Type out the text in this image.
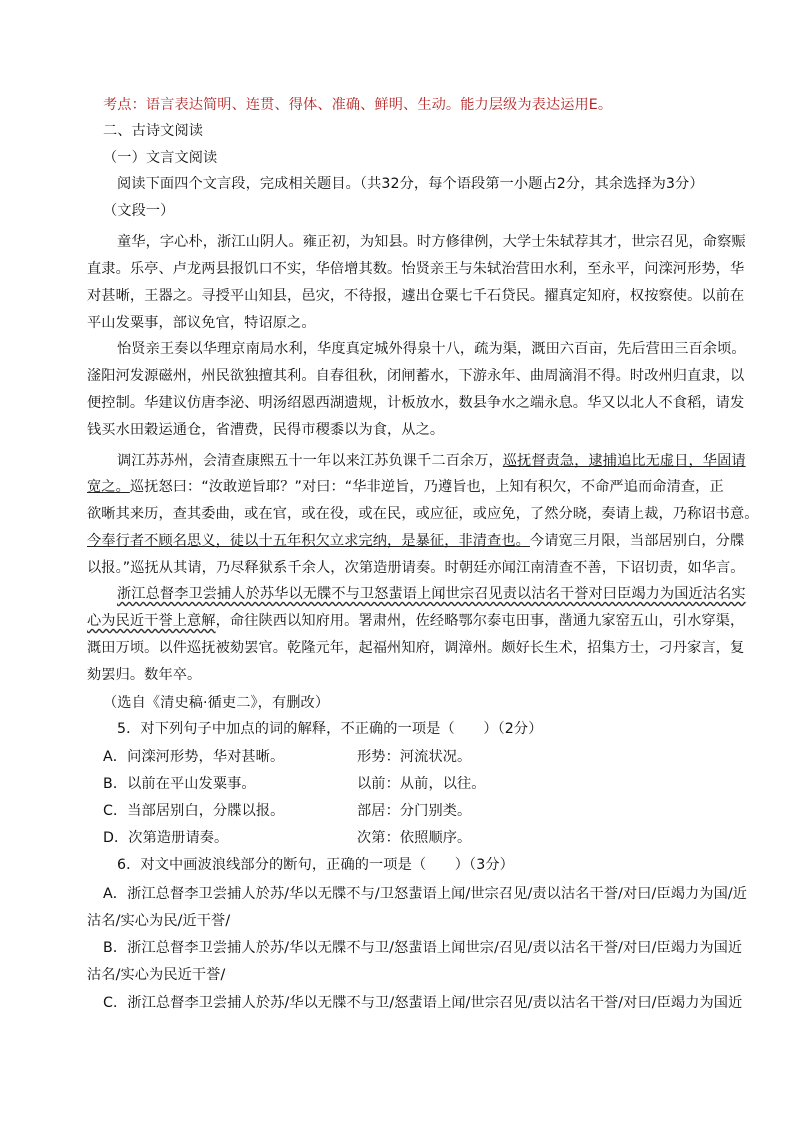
考点：语言表达简明、连贯、得体、准确、鲜明、生动。能力层级为表达运用E。
二、古诗文阅读
（一）文言文阅读
阅读下面四个文言段，完成相关题目。（共32分，每个语段第一小题占2分，其余选择为3分）
（文段一）
童华，字心朴，浙江山阴人。雍正初，为知县。时方修律例，大学士朱轼荐其才，世宗召见，命察赈
直隶。乐亭、卢龙两县报饥口不实，华倍增其数。怡贤亲王与朱轼治营田水利，至永平，问滦河形势，华
对甚晰，王器之。寻授平山知县，邑灾，不待报，遽出仓粟七千石贷民。擢真定知府，权按察使。以前在
平山发粟事，部议免官，特诏原之。
怡贤亲王奏以华理京南局水利，华度真定城外得泉十八，疏为渠，溉田六百亩，先后营田三百余顷。
滏阳河发源磁州，州民欲独擅其利。自春徂秋，闭闸蓄水，下游永年、曲周滴涓不得。时改州归直隶，以
便控制。华建议仿唐李泌、明汤绍恩西湖遗规，计板放水，数县争水之端永息。华又以北人不食稻，请发
钱买水田穀运通仓，省漕费，民得市稷黍以为食，从之。
调江苏苏州，会清查康熙五十一年以来江苏负课千二百余万，巡抚督责急，逮捕追比无虚日，华固请
宽之。巡抚怒曰：“汝敢逆旨耶？”对曰：“华非逆旨，乃遵旨也，上知有积欠，不命严追而命清查，正
欲晰其来历，查其委曲，或在官，或在役，或在民，或应征，或应免，了然分晓，奏请上裁，乃称诏书意。
今奉行者不顾名思义，徒以十五年积欠立求完纳，是暴征，非清查也。今请宽三月限，当部居别白，分牒
以报。”巡抚从其请，乃尽释狱系千余人，次第造册请奏。时朝廷亦闻江南清查不善，下诏切责，如华言。
浙江总督李卫尝捕人於苏华以无牒不与卫怒蜚语上闻世宗召见责以沽名干誉对曰臣竭力为国近沽名实
心为民近干誉上意解，命往陕西以知府用。署肃州，佐经略鄂尔泰屯田事，凿通九家窑五山，引水穿渠，
溉田万顷。以件巡抚被劾罢官。乾隆元年，起福州知府，调漳州。颇好长生术，招集方士，刁丹家言，复
劾罢归。数年卒。
（选自《清史稿·循吏二》，有删改）
5．对下列句子中加点的词的解释，不正确的一项是（　　）（2分）
A．问滦河形势，华对甚晰。	形势：河流状况。
B．以前在平山发粟事。	以前：从前，以往。
C．当部居别白，分牒以报。	部居：分门别类。
D．次第造册请奏。	次第：依照顺序。
6．对文中画波浪线部分的断句，正确的一项是（　　）（3分）
A．浙江总督李卫尝捕人於苏/华以无牒不与/卫怒蜚语上闻/世宗召见/责以沽名干誉/对曰/臣竭力为国/近
沽名/实心为民/近干誉/
B．浙江总督李卫尝捕人於苏/华以无牒不与卫/怒蜚语上闻世宗/召见/责以沽名干誉/对曰/臣竭力为国近
沽名/实心为民近干誉/
C．浙江总督李卫尝捕人於苏/华以无牒不与卫/怒蜚语上闻/世宗召见/责以沽名干誉/对曰/臣竭力为国近
